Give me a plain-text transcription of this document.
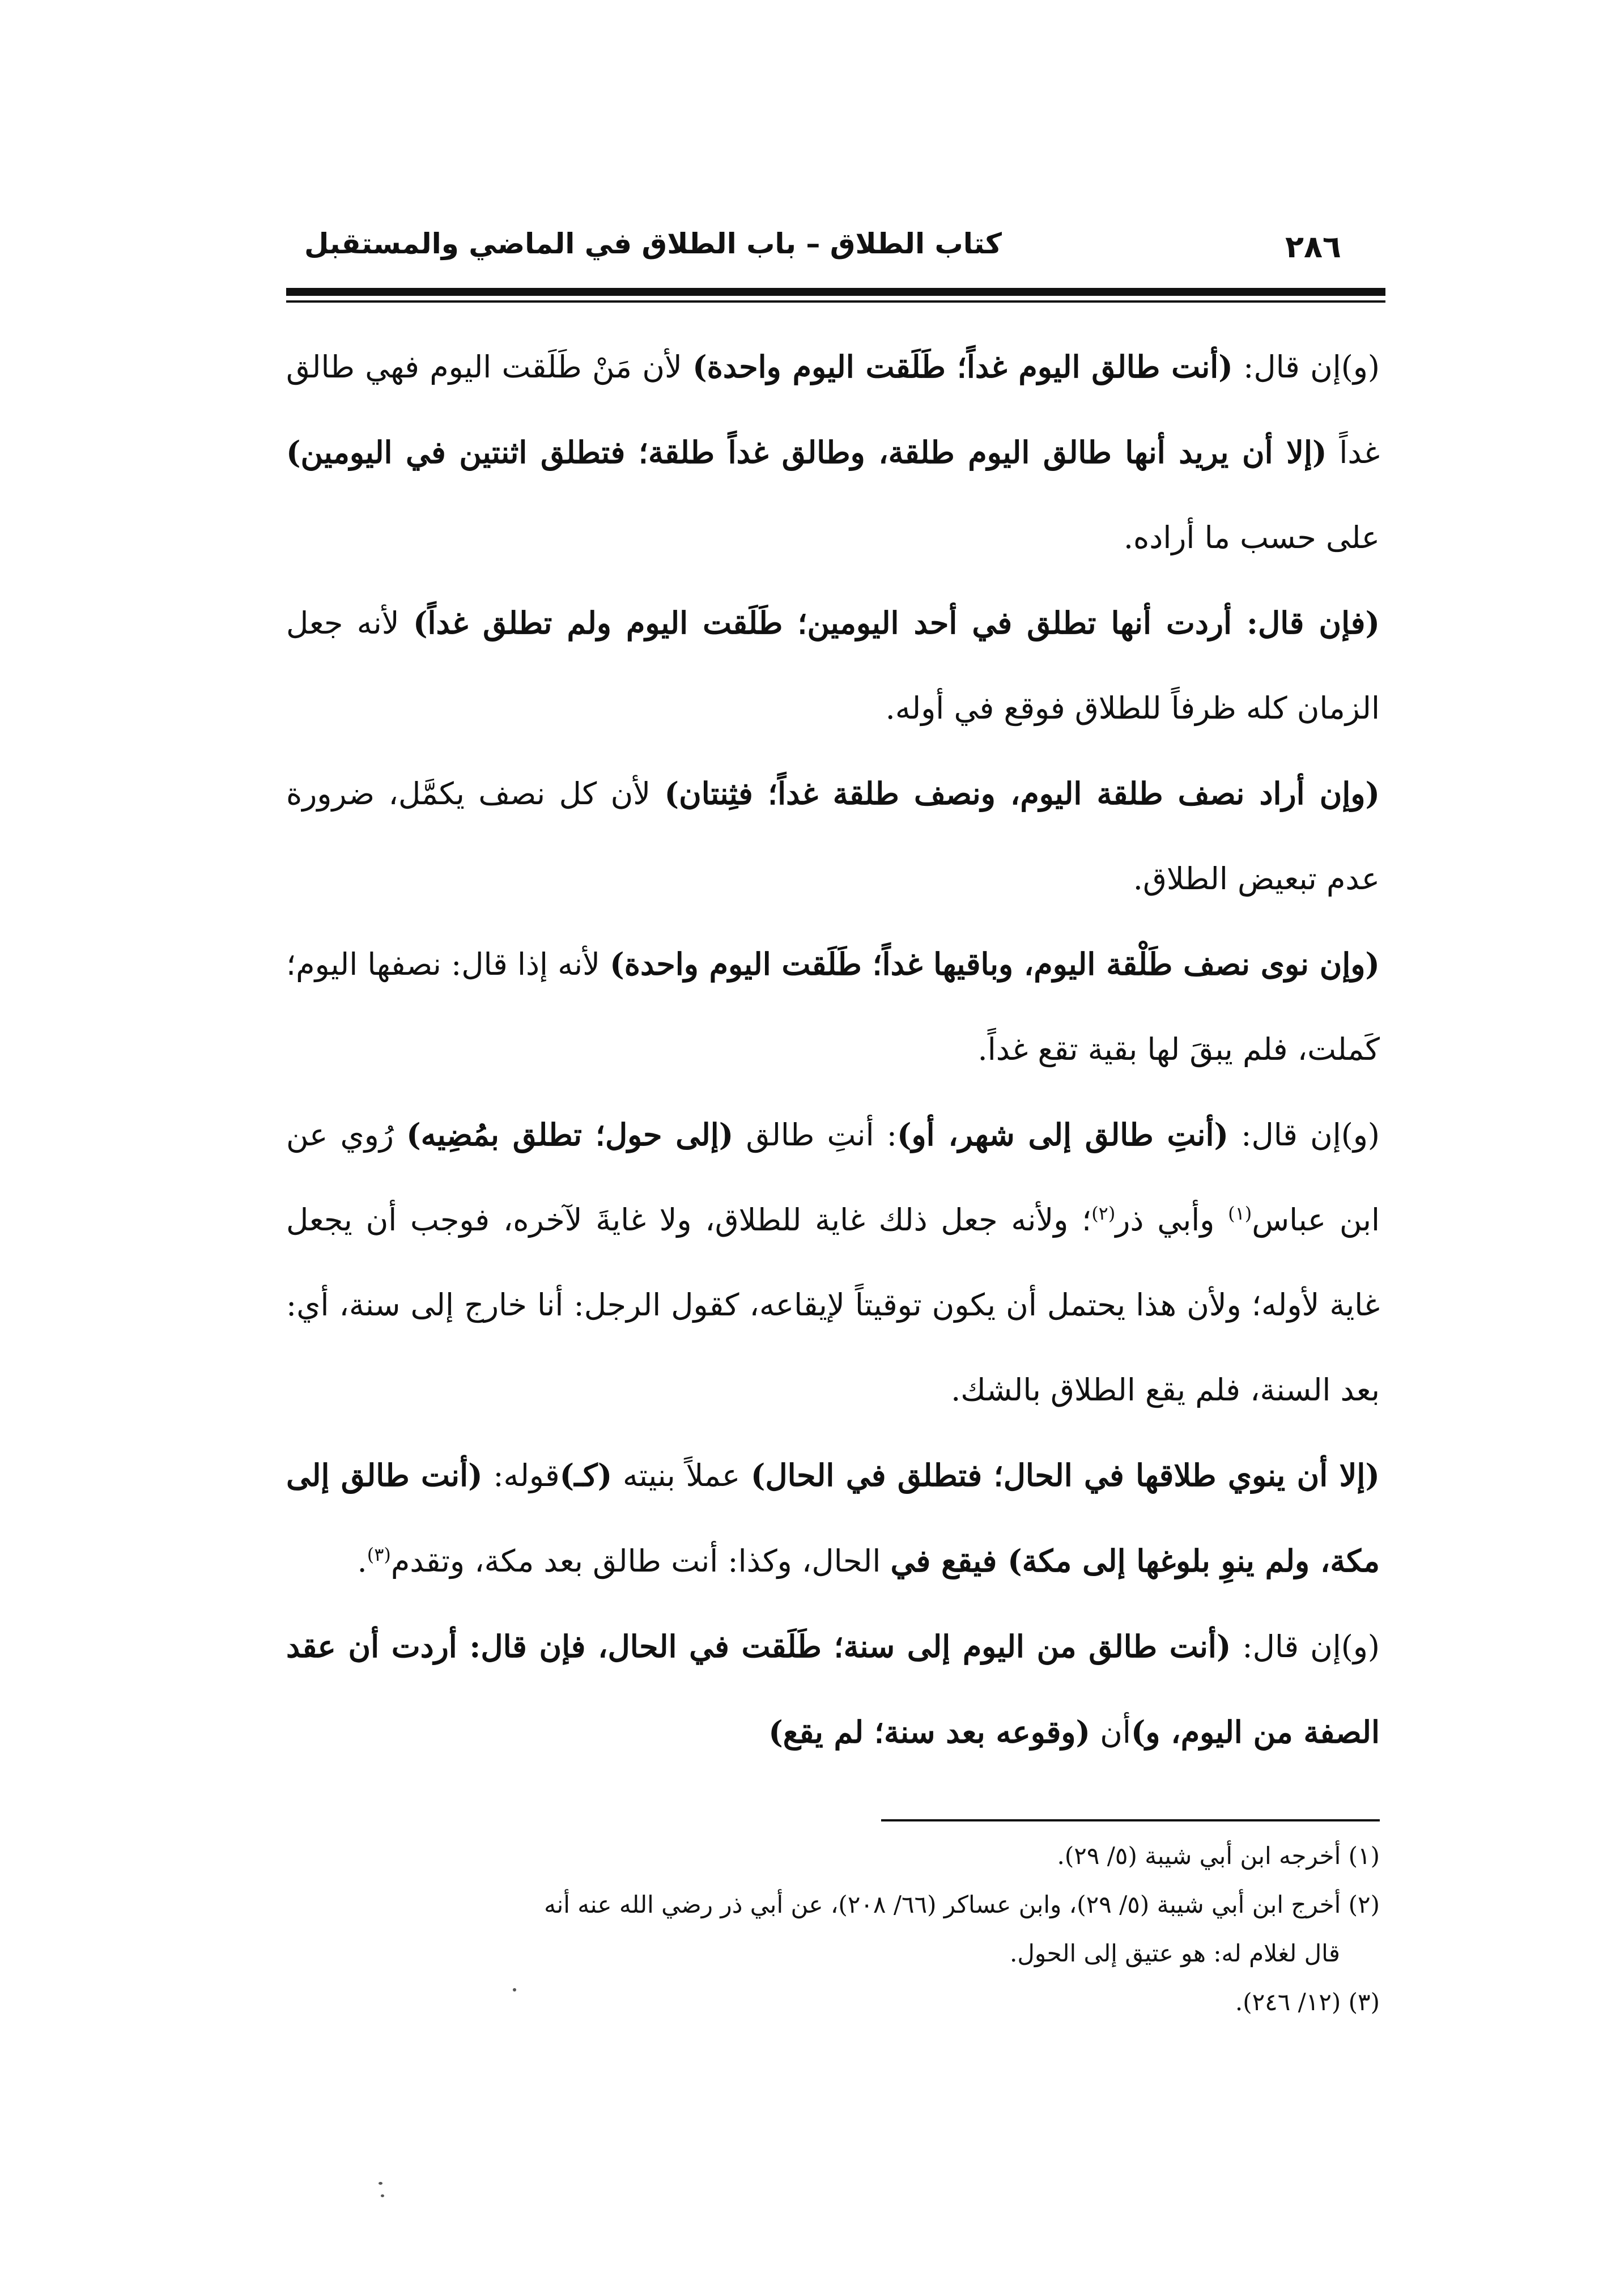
كتاب الطلاق – باب الطلاق في الماضي والمستقبل	٢٨٦

(و)إن قال: (أنت طالق اليوم غداً؛ طَلَقت اليوم واحدة) لأن مَنْ طَلَقت اليوم فهي طالق غداً (إلا أن يريد أنها طالق اليوم طلقة، وطالق غداً طلقة؛ فتطلق اثنتين في اليومين) على حسب ما أراده.

(فإن قال: أردت أنها تطلق في أحد اليومين؛ طَلَقت اليوم ولم تطلق غداً) لأنه جعل الزمان كله ظرفاً للطلاق فوقع في أوله.

(وإن أراد نصف طلقة اليوم، ونصف طلقة غداً؛ فثِنتان) لأن كل نصف يكمَّل، ضرورة عدم تبعيض الطلاق.

(وإن نوى نصف طَلْقة اليوم، وباقيها غداً؛ طَلَقت اليوم واحدة) لأنه إذا قال: نصفها اليوم؛ كَملت، فلم يبقَ لها بقية تقع غداً.

(و)إن قال: (أنتِ طالق إلى شهر، أو): أنتِ طالق (إلى حول؛ تطلق بمُضِيه) رُوي عن ابن عباس$^{(١)}$ وأبي ذر$^{(٢)}$؛ ولأنه جعل ذلك غاية للطلاق، ولا غايةَ لآخره، فوجب أن يجعل غاية لأوله؛ ولأن هذا يحتمل أن يكون توقيتاً لإيقاعه، كقول الرجل: أنا خارج إلى سنة، أي: بعد السنة، فلم يقع الطلاق بالشك.

(إلا أن ينوي طلاقها في الحال؛ فتطلق في الحال) عملاً بنيته (كـ)قوله: (أنت طالق إلى مكة، ولم ينوِ بلوغها إلى مكة) فيقع في الحال، وكذا: أنت طالق بعد مكة، وتقدم$^{(٣)}$.

(و)إن قال: (أنت طالق من اليوم إلى سنة؛ طَلَقت في الحال، فإن قال: أردت أن عقد الصفة من اليوم، و)أن (وقوعه بعد سنة؛ لم يقع)

(١) أخرجه ابن أبي شيبة (٥/ ٢٩).

(٢) أخرج ابن أبي شيبة (٥/ ٢٩)، وابن عساكر (٦٦/ ٢٠٨)، عن أبي ذر رضي الله عنه أنه

قال لغلام له: هو عتيق إلى الحول.

(٣) (١٢/ ٢٤٦).
